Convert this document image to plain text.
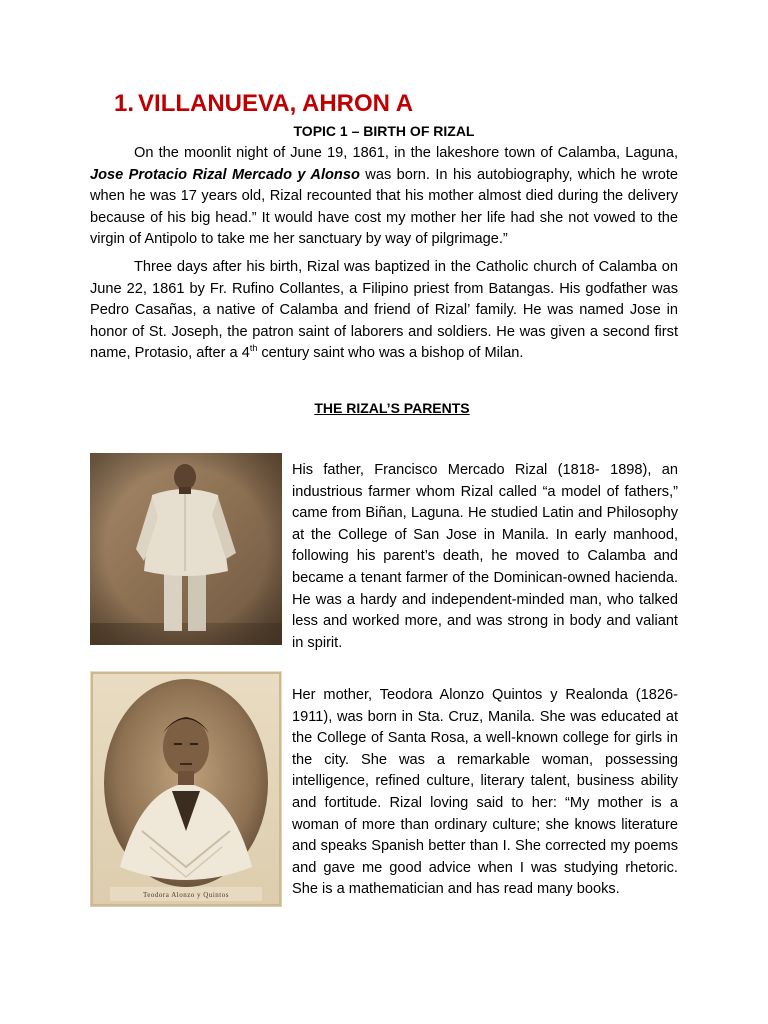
1. VILLANUEVA, AHRON A
TOPIC 1 – BIRTH OF RIZAL

On the moonlit night of June 19, 1861, in the lakeshore town of Calamba, Laguna, Jose Protacio Rizal Mercado y Alonso was born. In his autobiography, which he wrote when he was 17 years old, Rizal recounted that his mother almost died during the delivery because of his big head.” It would have cost my mother her life had she not vowed to the virgin of Antipolo to take me her sanctuary by way of pilgrimage.”

Three days after his birth, Rizal was baptized in the Catholic church of Calamba on June 22, 1861 by Fr. Rufino Collantes, a Filipino priest from Batangas. His godfather was Pedro Casañas, a native of Calamba and friend of Rizal’ family. He was named Jose in honor of St. Joseph, the patron saint of laborers and soldiers. He was given a second first name, Protasio, after a 4th century saint who was a bishop of Milan.

THE RIZAL’S PARENTS
His father, Francisco Mercado Rizal (1818- 1898), an industrious farmer whom Rizal called “a model of fathers,” came from Biñan, Laguna. He studied Latin and Philosophy at the College of San Jose in Manila. In early manhood, following his parent’s death, he moved to Calamba and became a tenant farmer of the Dominican-owned hacienda. He was a hardy and independent-minded man, who talked less and worked more, and was strong in body and valiant in spirit.
Teodora Alonzo y Quintos
Her mother, Teodora Alonzo Quintos y Realonda (1826-1911), was born in Sta. Cruz, Manila. She was educated at the College of Santa Rosa, a well-known college for girls in the city. She was a remarkable woman, possessing intelligence, refined culture, literary talent, business ability and fortitude. Rizal loving said to her: “My mother is a woman of more than ordinary culture; she knows literature and speaks Spanish better than I. She corrected my poems and gave me good advice when I was studying rhetoric. She is a mathematician and has read many books.
